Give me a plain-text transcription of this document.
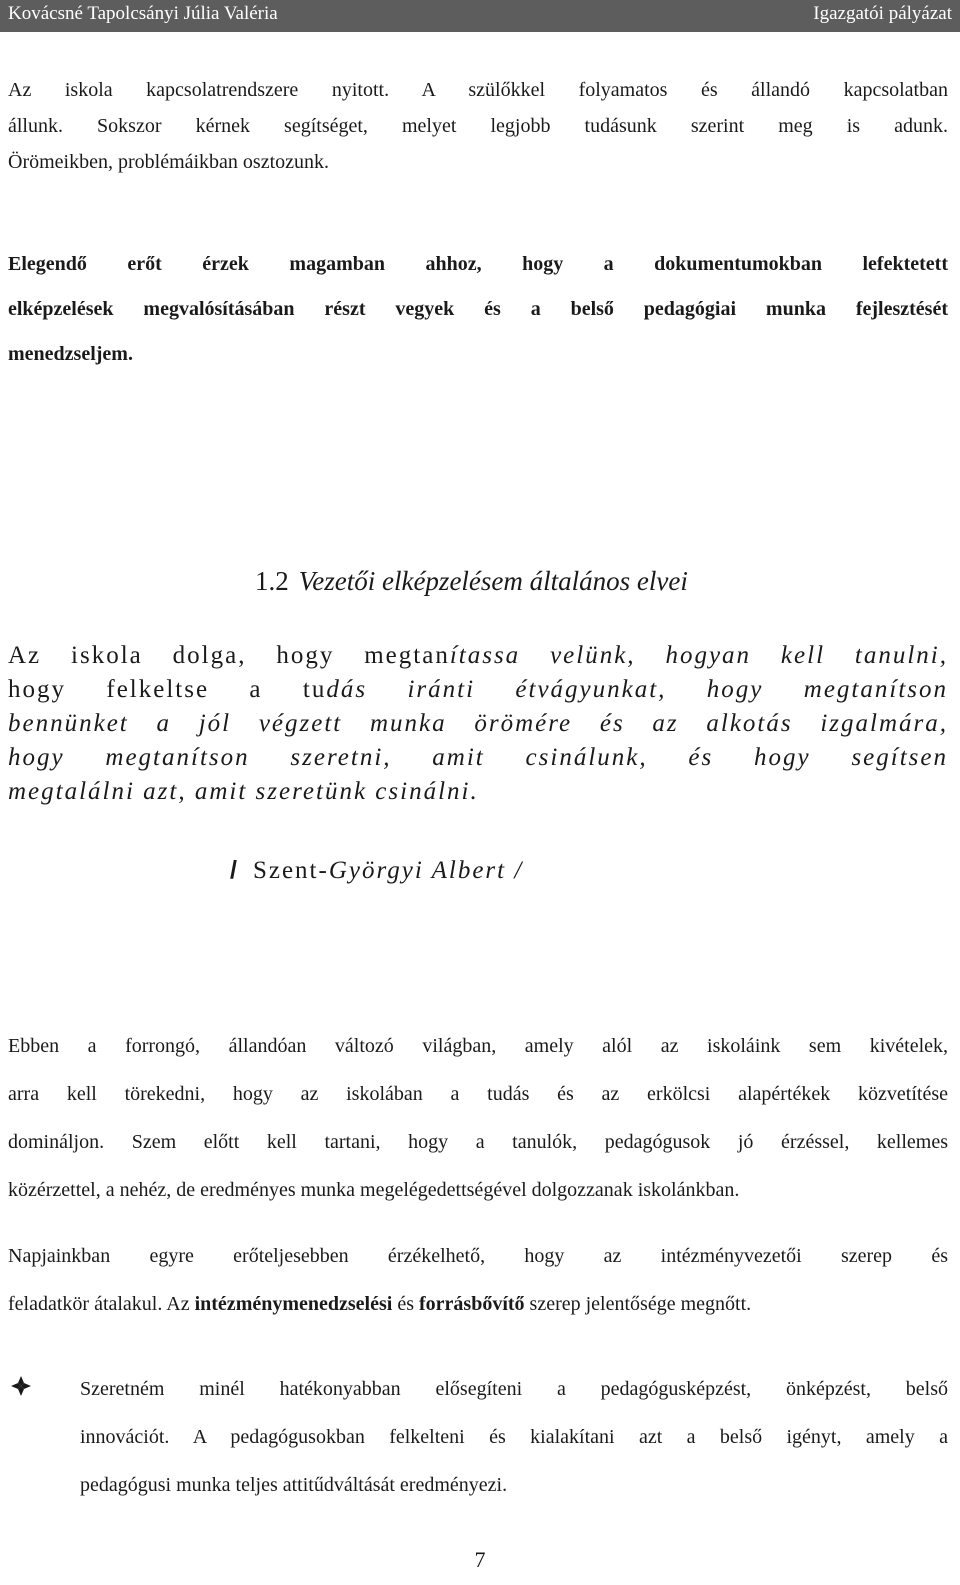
Kovácsné Tapolcsányi Júlia Valéria	Igazgatói pályázat
Az iskola kapcsolatrendszere nyitott. A szülőkkel folyamatos és állandó kapcsolatban
állunk. Sokszor kérnek segítséget, melyet legjobb tudásunk szerint meg is adunk.
Örömeikben, problémáikban osztozunk.
Elegendő erőt érzek magamban ahhoz, hogy a dokumentumokban lefektetett
elképzelések megvalósításában részt vegyek és a belső pedagógiai munka fejlesztését
menedzseljem.
1.2 Vezetői elképzelésem általános elvei
Az iskola dolga, hogy megtanítassa velünk, hogyan kell tanulni,
hogy felkeltse a tudás iránti étvágyunkat, hogy megtanítson
bennünket a jól végzett munka örömére és az alkotás izgalmára,
hogy megtanítson szeretni, amit csinálunk, és hogy segítsen
megtalálni azt, amit szeretünk csinálni.
/ Szent-Györgyi Albert /
Ebben a forrongó, állandóan változó világban, amely alól az iskoláink sem kivételek,
arra kell törekedni, hogy az iskolában a tudás és az erkölcsi alapértékek közvetítése
domináljon. Szem előtt kell tartani, hogy a tanulók, pedagógusok jó érzéssel, kellemes
közérzettel, a nehéz, de eredményes munka megelégedettségével dolgozzanak iskolánkban.
Napjainkban egyre erőteljesebben érzékelhető, hogy az intézményvezetői szerep és
feladatkör átalakul. Az intézménymenedzselési és forrásbővítő szerep jelentősége megnőtt.
Szeretném minél hatékonyabban elősegíteni a pedagógusképzést, önképzést, belső
innovációt. A pedagógusokban felkelteni és kialakítani azt a belső igényt, amely a
pedagógusi munka teljes attitűdváltását eredményezi.
7
